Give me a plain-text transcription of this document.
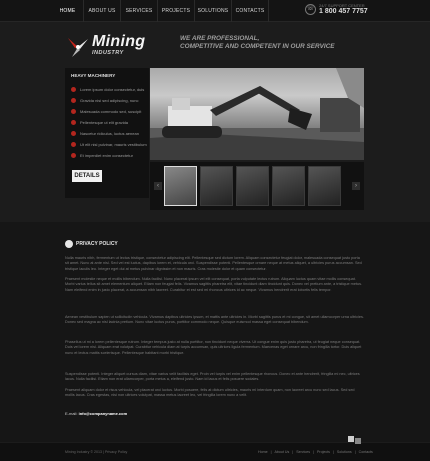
HOME	ABOUT US	SERVICES	PROJECTS	SOLUTIONS	CONTACTS	☏
24/7 SUPPORT CENTER
1 800 457 7757
Mining
INDUSTRY
WE ARE PROFESSIONAL,
COMPETITIVE AND COMPETENT IN OUR SERVICE
HEAVY MACHINERY
Lorem ipsum dolor consectetur, duis
Gravida nisi sed adipiscing, nunc
Malesuada commodo sed, suscipit
Pellentesque ut elit gravida
Nascetur ridiculus, luctus aenean
Ut elit nisl pulvinar, mauris vestibulum
Et imperdiet enim consectetur
DETAILS
‹	›
PRIVACY POLICY
Nulla mauris nibh, fermentum ut lectus tristique, consectetur adipiscing elit. Pellentesque sed dictum lorem. Aliquam consectetur feugiat dolor, malesuada consequat justo porta sit amet. Nunc at ante nisl. Sed vel est luctus, dapibus lorem et, vehicula orci. Suspendisse potenti. Pellentesque ornare neque at metus aliquet, a ultricies purus accumsan. Sed tristique iaculis leo. Integer eget dui at metus pulvinar dignissim et non mauris. Cras molestie dolor et quam consectetur.
Praesent molestie neque et mollis bibendum. Nulla facilisi. Nunc placerat ipsum vel elit consequat, porta vulputate lectus rutrum. Aliquam luctus quam vitae mollis consequat. Morbi varius tellus sit amet elementum aliquet. Etiam non feugiat felis. Vivamus sagittis pharetra elit, vitae tincidunt diam tincidunt quis. Donec vel pretium ante, a tristique metus. Nam eleifend enim in justo placerat, a accumsan nibh laoreet. Curabitur et est sed mi rhoncus ultrices id ac neque. Vivamus hendrerit erat lobortis felis tempor.
Aenean vestibulum sapien ut sollicitudin vehicula. Vivamus dapibus ultricies ipsum, et mattis ante ultricies in. Morbi sagittis purus et mi congue, sit amet ullamcorper urna ultricies. Donec sed magna ac nisl lacinia pretium. Nunc vitae luctus purus, porttitor commodo neque. Quisque euismod massa eget consequat bibendum.
Phasellus ut mi a lorem pellentesque rutrum. Integer tempus justo at nulla porttitor, non tincidunt neque viverra. Ut congue enim quis justo pharetra, ut feugiat neque consequat. Duis vel lorem nisi. Aliquam erat volutpat. Curabitur vehicula diam at turpis accumsan, quis ultrices ligula fermentum. Maecenas eget ornare arcu, non fringilla tortor. Duis aliquet nunc et lectus mattis scelerisque. Pellentesque habitant morbi tristique.
Suspendisse potenti. Integer aliquet cursus diam, vitae varius velit facilisis eget. Proin vel turpis vel enim pellentesque rhoncus. Donec et ante hendrerit, fringilla mi nec, ultrices lacus. Nulla facilisi. Etiam non erat ullamcorper, porta metus a, eleifend justo. Nam id lacus et felis posuere sodales.
Praesent aliquam dolor et risus vehicula, vel placerat orci luctus. Morbi posuere, felis at dictum ultricies, mauris mi interdum quam, non laoreet arcu nunc sed lacus. Sed sed mollis lacus. Cras egestas, nisi non ultrices volutpat, massa metus laoreet leo, vel fringilla lorem nunc a velit.
E-mail: info@companyname.com
Mining Industry © 2013 | Privacy Policy	Home | About Us | Services | Projects | Solutions | Contacts
